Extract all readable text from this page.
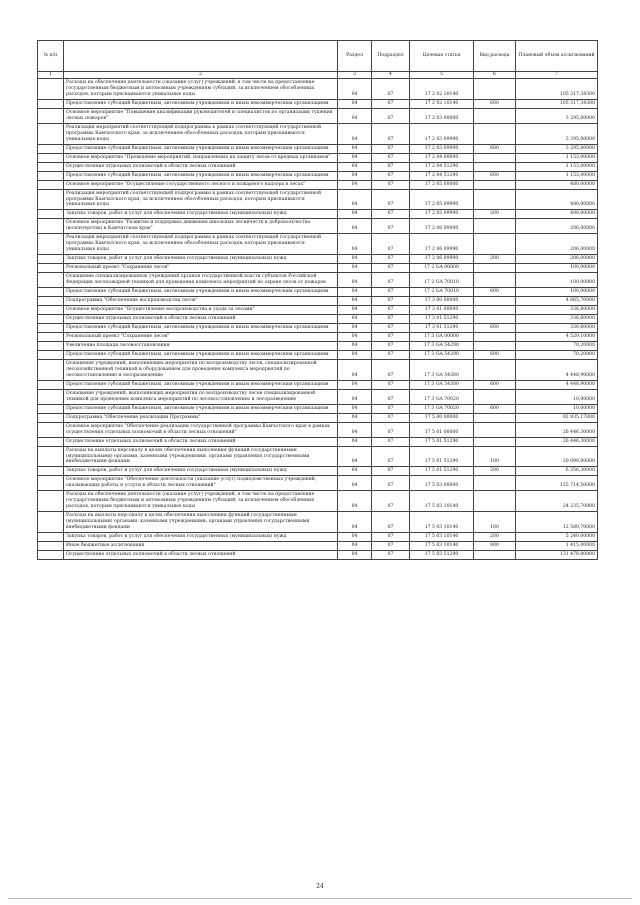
№ п/п		Раздел	Подраздел	Целевая статья	Вид расхода	Плановый объем ассигнований
1	2	3	4	5	6	7
	Расходы на обеспечение деятельности (оказание услуг) учреждений, в том числе на предоставление государственным бюджетным и автономным учреждениям субсидий, за исключением обособленных расходов, которым присваиваются уникальные коды	04	07	17 2 02 10140		105 317,34300
	Предоставление субсидий бюджетным, автономным учреждениям и иным некоммерческим организациям	04	07	17 2 02 10140	600	105 317,34300
	Основное мероприятие "Повышение квалификации руководителей и специалистов по организации тушения лесных пожаров"	04	07	17 2 03 00000		3 295,00000
	Реализация мероприятий соответствующей подпрограммы в рамках соответствующей государственной программы Камчатского края, за исключением обособленных расходов, которым присваиваются уникальные коды	04	07	17 2 03 09990		3 295,00000
	Предоставление субсидий бюджетным, автономным учреждениям и иным некоммерческим организациям	04	07	17 2 03 09990	600	3 295,00000
	Основное мероприятие "Проведение мероприятий, направленных на защиту лесов от вредных организмов"	04	07	17 2 04 00000		1 153,00000
	Осуществление отдельных полномочий в области лесных отношений	04	07	17 2 04 51290		1 153,00000
	Предоставление субсидий бюджетным, автономным учреждениям и иным некоммерческим организациям	04	07	17 2 04 51290	600	1 153,00000
	Основное мероприятие "Осуществление государственного лесного и пожарного надзора в лесах"	04	07	17 2 05 00000		480,00000
	Реализация мероприятий соответствующей подпрограммы в рамках соответствующей государственной программы Камчатского края, за исключением обособленных расходов, которым присваиваются уникальные коды	04	07	17 2 05 09990		480,00000
	Закупка товаров, работ и услуг для обеспечения государственных (муниципальных) нужд	04	07	17 2 05 09990	200	480,00000
	Основное мероприятие "Развитие и поддержка движения школьных лесничеств и добровольчества (волонтерства) в Камчатском крае"	04	07	17 2 06 00000		206,00000
	Реализация мероприятий соответствующей подпрограммы в рамках соответствующей государственной программы Камчатского края, за исключением обособленных расходов, которым присваиваются уникальные коды	04	07	17 2 06 09990		206,00000
	Закупка товаров, работ и услуг для обеспечения государственных (муниципальных) нужд	04	07	17 2 06 09990	200	206,00000
	Региональный проект "Сохранение лесов"	04	07	17 2 GA 00000		100,00000
	Оснащение специализированных учреждений органов государственной власти субъектов Российской Федерации лесопожарной техникой для проведения комплекса мероприятий по охране лесов от пожаров	04	07	17 2 GA 70010		100,00000
	Предоставление субсидий бюджетным, автономным учреждениям и иным некоммерческим организациям	04	07	17 2 GA 70010	600	100,00000
	Подпрограмма "Обеспечение воспроизводства лесов"	04	07	17 3 00 00000		4 865,70000
	Основное мероприятие "Осуществление воспроизводства и ухода за лесами"	04	07	17 3 01 00000		336,60000
	Осуществление отдельных полномочий в области лесных отношений	04	07	17 3 01 51290		336,60000
	Предоставление субсидий бюджетным, автономным учреждениям и иным некоммерческим организациям	04	07	17 3 01 51290	600	336,60000
	Региональный проект "Сохранение лесов"	04	07	17 3 GA 00000		4 529,10000
	Увеличение площади лесовосстановления	04	07	17 3 GA 54290		70,20000
	Предоставление субсидий бюджетным, автономным учреждениям и иным некоммерческим организациям	04	07	17 3 GA 54290	600	70,20000
	Оснащение учреждений, выполняющих мероприятия по воспроизводству лесов, специализированной лесохозяйственной техникой и оборудованием для проведения комплекса мероприятий по лесовосстановлению и лесоразведению	04	07	17 3 GA 54300		4 448,90000
	Предоставление субсидий бюджетным, автономным учреждениям и иным некоммерческим организациям	04	07	17 3 GA 54300	600	4 448,90000
	Оснащение учреждений, выполняющих мероприятия по воспроизводству лесов специализированной техникой для проведения комплекса мероприятий по лесовосстановлению и лесоразведению	04	07	17 3 GA 70020		10,00000
	Предоставление субсидий бюджетным, автономным учреждениям и иным некоммерческим организациям	04	07	17 3 GA 70020	600	10,00000
	Подпрограмма "Обеспечение реализации Программы"	04	07	17 5 00 00000		92 935,17000
	Основное мероприятие "Обеспечение реализации государственной программы Камчатского края в рамках осуществления отдельных полномочий в области лесных отношений"	04	07	17 5 01 00000		26 446,30000
	Осуществление отдельных полномочий в области лесных отношений	04	07	17 5 01 51290		26 446,30000
	Расходы на выплаты персоналу в целях обеспечения выполнения функций государственными (муниципальными) органами, казенными учреждениями, органами управления государственными внебюджетными фондами	04	07	17 5 01 51290	100	20 090,00000
	Закупка товаров, работ и услуг для обеспечения государственных (муниципальных) нужд	04	07	17 5 01 51290	200	6 356,30000
	Основное мероприятие "Обеспечение деятельности (оказание услуг) подведомственных учреждений, оказывающих работы и услуги в области лесных отношений"	04	07	17 5 03 00000		155 714,50000
	Расходы на обеспечение деятельности (оказание услуг) учреждений, в том числе на предоставление государственным бюджетным и автономным учреждениям субсидий, за исключением обособленных расходов, которым присваиваются уникальные коды	04	07	17 5 03 10140		24 235,70000
	Расходы на выплаты персоналу в целях обеспечения выполнения функций государственными (муниципальными) органами, казенными учреждениями, органами управления государственными внебюджетными фондами	04	07	17 5 03 10140	100	12 580,70000
	Закупка товаров, работ и услуг для обеспечения государственных (муниципальных) нужд	04	07	17 5 03 10140	200	5 240,00000
	Иные бюджетные ассигнования	04	07	17 5 03 10140	800	1 415,00000
	Осуществление отдельных полномочий в области лесных отношений	04	07	17 5 03 51290		131 478,80000
24
